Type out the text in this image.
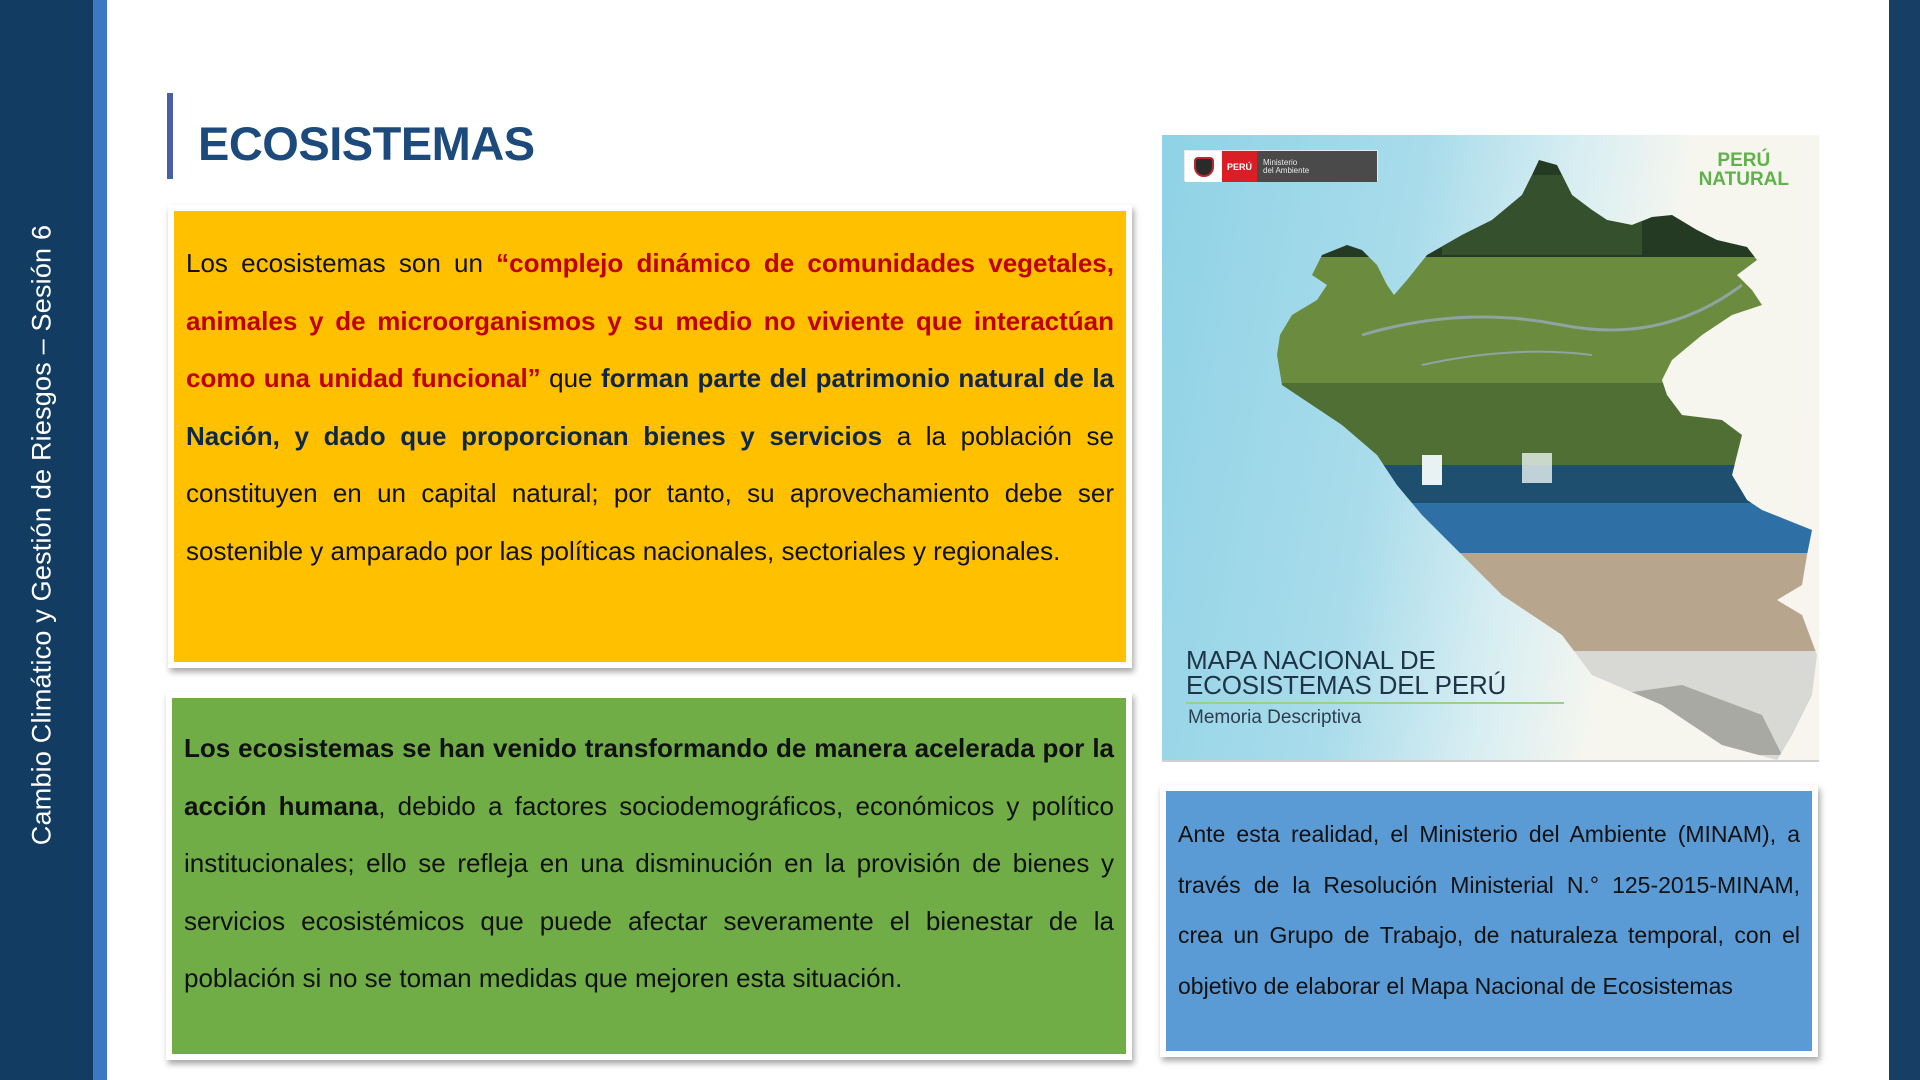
Cambio Climático y Gestión de Riesgos – Sesión 6
ECOSISTEMAS

Los ecosistemas son un “complejo dinámico de comunidades vegetales, animales y de microorganismos y su medio no viviente que interactúan como una unidad funcional” que forman parte del patrimonio natural de la Nación, y dado que proporcionan bienes y servicios a la población se constituyen en un capital natural; por tanto, su aprovechamiento debe ser sostenible y amparado por las políticas nacionales, sectoriales y regionales.

Los ecosistemas se han venido transformando de manera acelerada por la acción humana, debido a factores sociodemográficos, económicos y político institucionales; ello se refleja en una disminución en la provisión de bienes y servicios ecosistémicos que puede afectar severamente el bienestar de la población si no se toman medidas que mejoren esta situación.

PERÚ	Ministerio
del Ambiente	PERÚ
NATURAL
MAPA NACIONAL DE
ECOSISTEMAS DEL PERÚ
Memoria Descriptiva

Ante esta realidad, el Ministerio del Ambiente (MINAM), a través de la Resolución Ministerial N.° 125-2015-MINAM, crea un Grupo de Trabajo, de naturaleza temporal, con el objetivo de elaborar el Mapa Nacional de Ecosistemas
